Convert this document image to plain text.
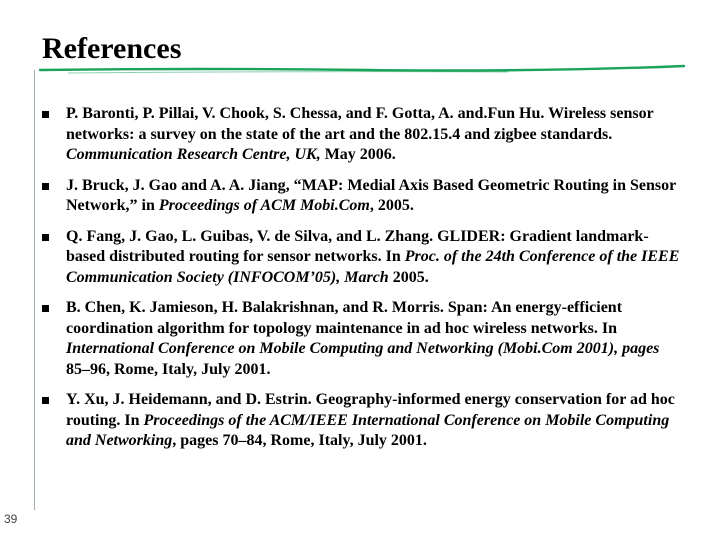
References
P. Baronti, P. Pillai, V. Chook, S. Chessa, and F. Gotta, A. and.Fun Hu. Wireless sensor networks: a survey on the state of the art and the 802.15.4 and zigbee standards. Communication Research Centre, UK, May 2006.
J. Bruck, J. Gao and A. A. Jiang, “MAP: Medial Axis Based Geometric Routing in Sensor Network,” in Proceedings of ACM Mobi.Com, 2005.
Q. Fang, J. Gao, L. Guibas, V. de Silva, and L. Zhang. GLIDER: Gradient landmark-based distributed routing for sensor networks. In Proc. of the 24th Conference of the IEEE Communication Society (INFOCOM’05), March 2005.
B. Chen, K. Jamieson, H. Balakrishnan, and R. Morris. Span: An energy-efficient coordination algorithm for topology maintenance in ad hoc wireless networks. In International Conference on Mobile Computing and Networking (Mobi.Com 2001), pages 85–96, Rome, Italy, July 2001.
Y. Xu, J. Heidemann, and D. Estrin. Geography-informed energy conservation for ad hoc routing. In Proceedings of the ACM/IEEE International Conference on Mobile Computing and Networking, pages 70–84, Rome, Italy, July 2001.
39
